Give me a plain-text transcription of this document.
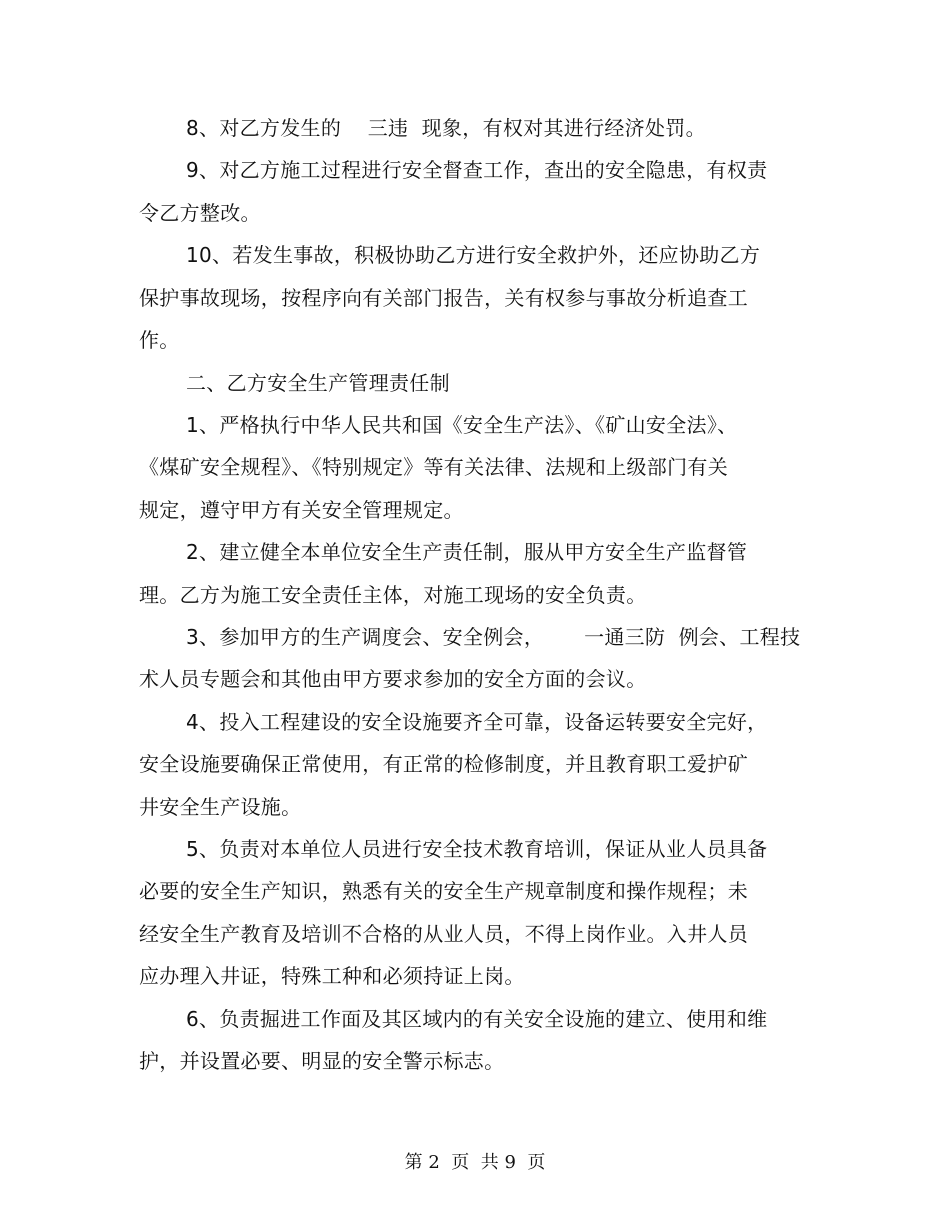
8、对乙方发生的    三违  现象，有权对其进行经济处罚。
9、对乙方施工过程进行安全督查工作，查出的安全隐患，有权责
令乙方整改。
10、若发生事故，积极协助乙方进行安全救护外，还应协助乙方
保护事故现场，按程序向有关部门报告，关有权参与事故分析追查工
作。
二、乙方安全生产管理责任制
1、严格执行中华人民共和国《安全生产法》、《矿山安全法》、
《煤矿安全规程》、《特别规定》等有关法律、法规和上级部门有关
规定，遵守甲方有关安全管理规定。
2、建立健全本单位安全生产责任制，服从甲方安全生产监督管
理。乙方为施工安全责任主体，对施工现场的安全负责。
3、参加甲方的生产调度会、安全例会，      一通三防  例会、工程技
术人员专题会和其他由甲方要求参加的安全方面的会议。
4、投入工程建设的安全设施要齐全可靠，设备运转要安全完好，
安全设施要确保正常使用，有正常的检修制度，并且教育职工爱护矿
井安全生产设施。
5、负责对本单位人员进行安全技术教育培训，保证从业人员具备
必要的安全生产知识，熟悉有关的安全生产规章制度和操作规程；未
经安全生产教育及培训不合格的从业人员，不得上岗作业。入井人员
应办理入井证，特殊工种和必须持证上岗。
6、负责掘进工作面及其区域内的有关安全设施的建立、使用和维
护，并设置必要、明显的安全警示标志。
第 2  页  共 9  页
